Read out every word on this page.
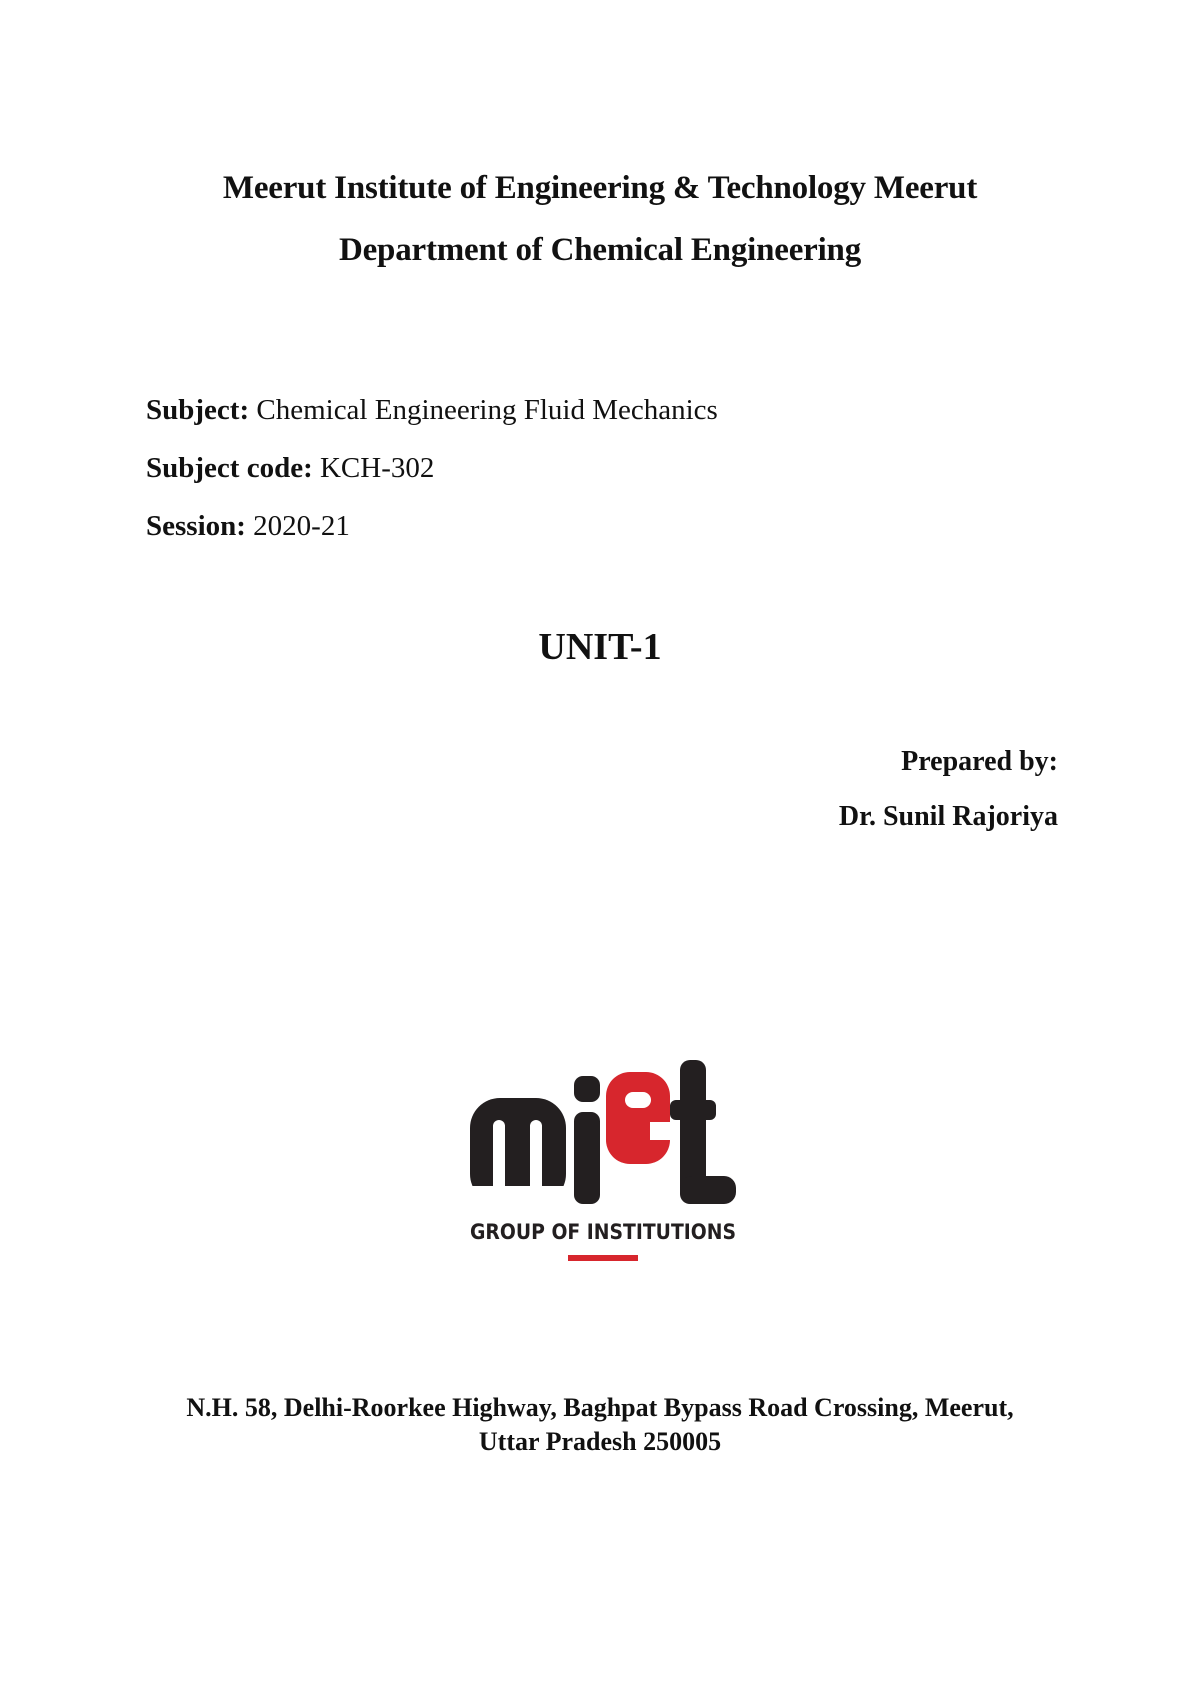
Meerut Institute of Engineering & Technology Meerut
Department of Chemical Engineering
Subject: Chemical Engineering Fluid Mechanics
Subject code: KCH-302
Session: 2020-21
UNIT-1
Prepared by:
Dr. Sunil Rajoriya
GROUP OF INSTITUTIONS
N.H. 58, Delhi-Roorkee Highway, Baghpat Bypass Road Crossing, Meerut,
Uttar Pradesh 250005
